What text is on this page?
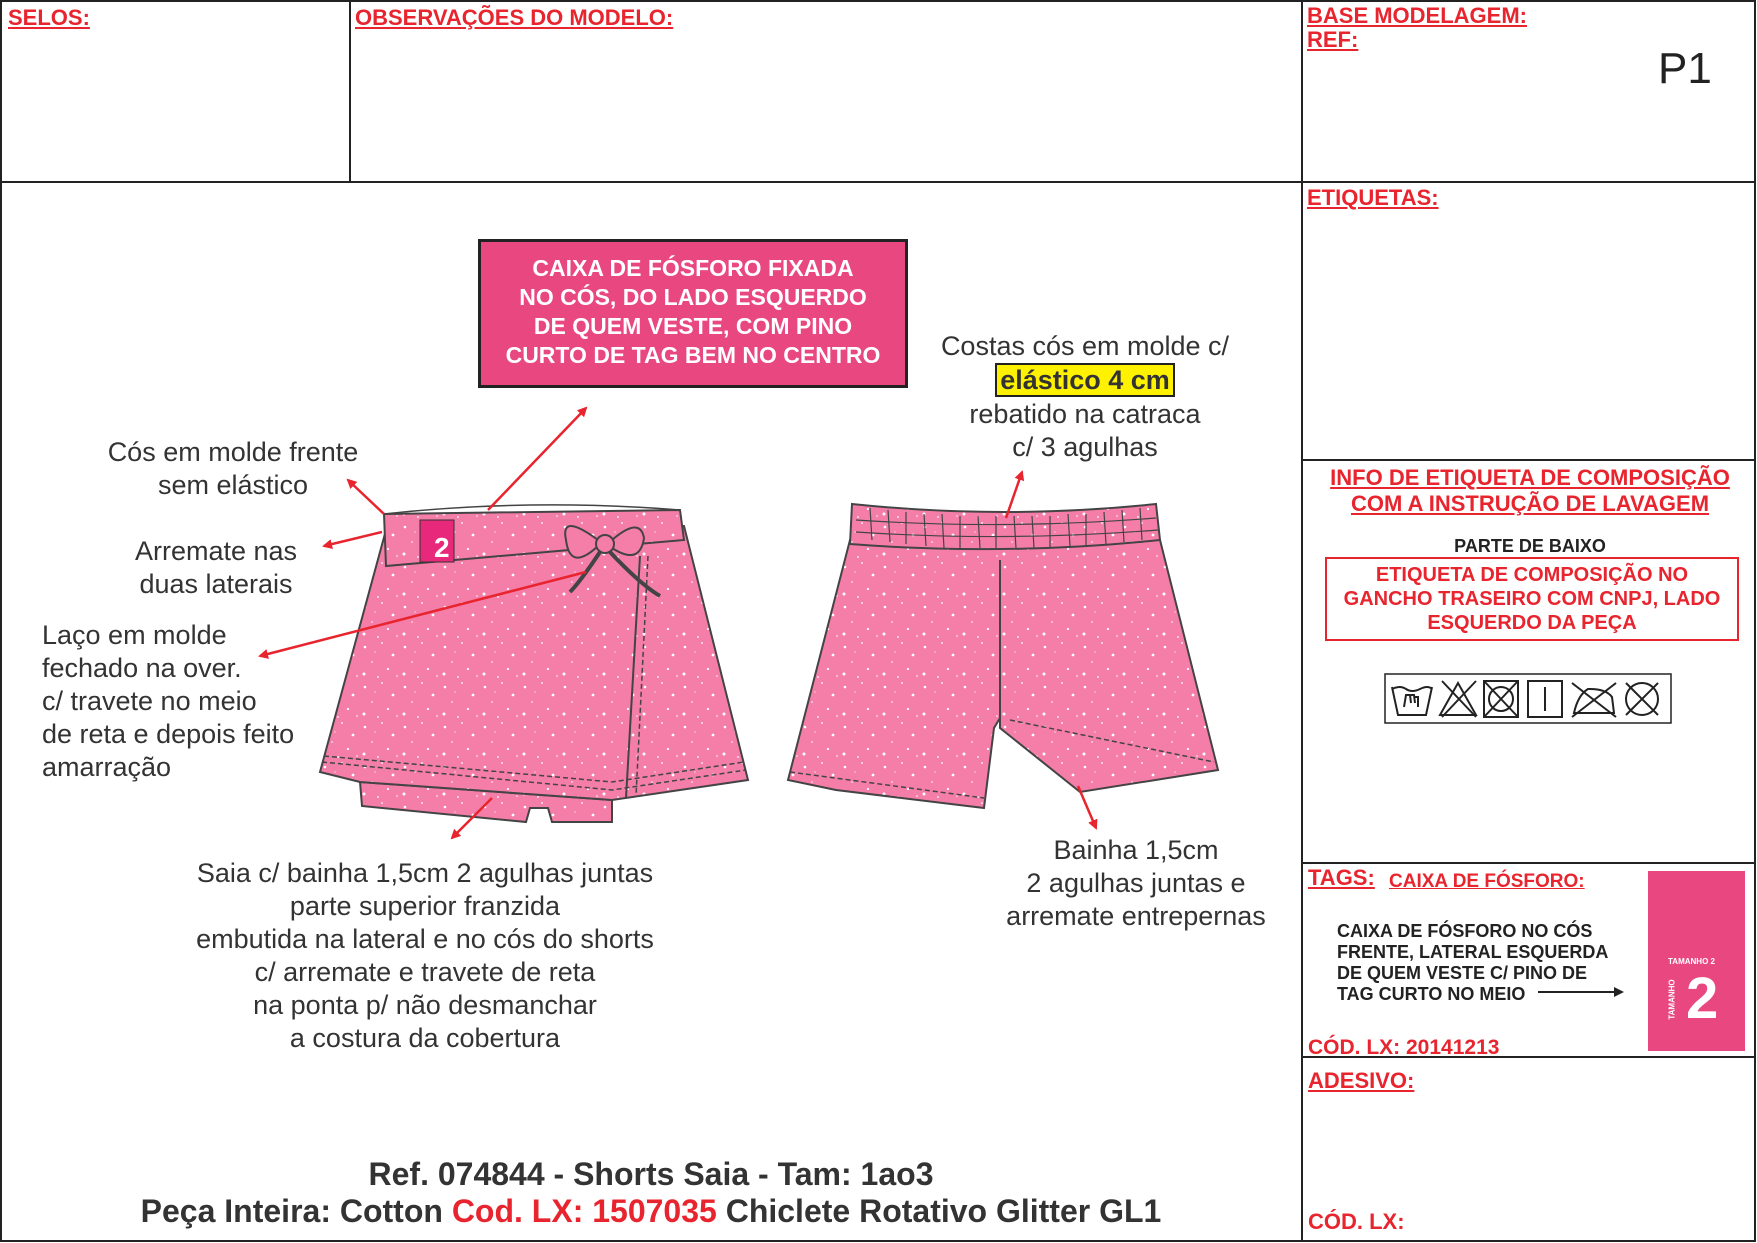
SELOS:	OBSERVAÇÕES DO MODELO:	BASE MODELAGEM:
REF:
P1
ETIQUETAS:
INFO DE ETIQUETA DE COMPOSIÇÃO
COM A INSTRUÇÃO DE LAVAGEM
PARTE DE BAIXO
ETIQUETA DE COMPOSIÇÃO NO
GANCHO TRASEIRO COM CNPJ, LADO
ESQUERDO DA PEÇA
TAGS: CAIXA DE FÓSFORO:
CAIXA DE FÓSFORO NO CÓS
FRENTE, LATERAL ESQUERDA
DE QUEM VESTE C/ PINO DE
TAG CURTO NO MEIO
TAMANHO 2
2
TAMANHO
CÓD. LX: 20141213
ADESIVO:
CÓD. LX:
2
CAIXA DE FÓSFORO FIXADA
NO CÓS, DO LADO ESQUERDO
DE QUEM VESTE, COM PINO
CURTO DE TAG BEM NO CENTRO
Cós em molde frente
sem elástico
Arremate nas
duas laterais
Laço em molde
fechado na over.
c/ travete no meio
de reta e depois feito
amarração
Costas cós em molde c/
elástico 4 cm
rebatido na catraca
c/ 3 agulhas
Saia c/ bainha 1,5cm 2 agulhas juntas
parte superior franzida
embutida na lateral e no cós do shorts
c/ arremate e travete de reta
na ponta p/ não desmanchar
a costura da cobertura
Bainha 1,5cm
2 agulhas juntas e
arremate entrepernas
Ref. 074844 - Shorts Saia - Tam: 1ao3
Peça Inteira: Cotton Cod. LX: 1507035 Chiclete Rotativo Glitter GL1
